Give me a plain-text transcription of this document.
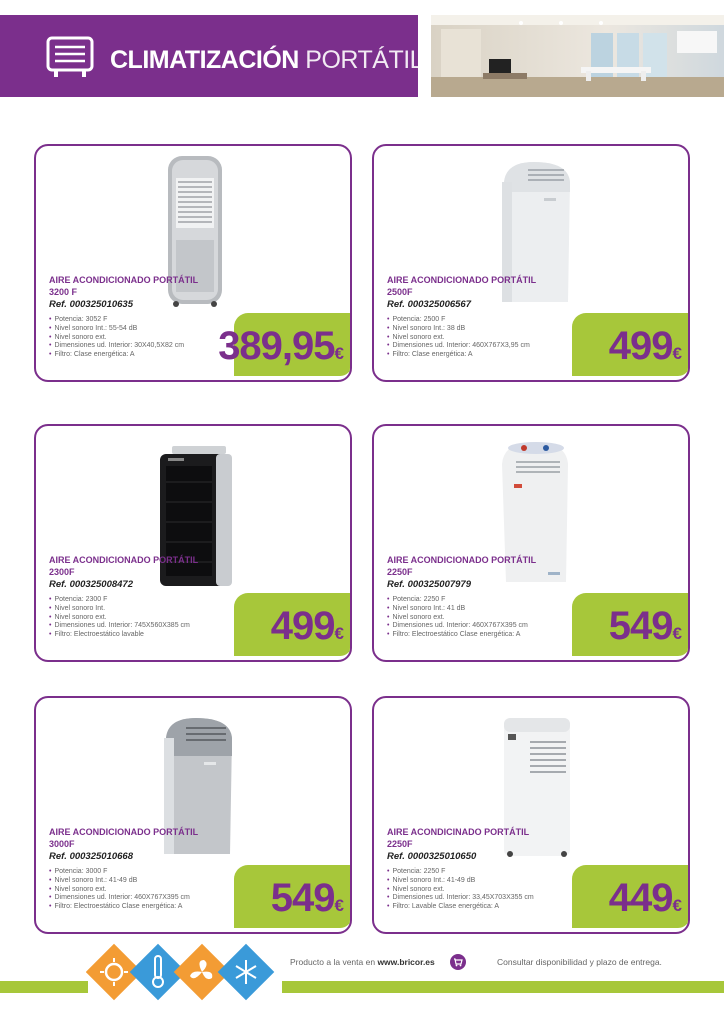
CLIMATIZACIÓN PORTÁTIL
AIRE ACONDICIONADO PORTÁTIL 3200 F
Ref. 000325010635
• Potencia: 3052 F
• Nivel sonoro Int.: 55-54 dB
• Nivel sonoro ext.
• Dimensiones ud. Interior: 30X40,5X82 cm
• Filtro: Clase energética: A	389,95€
AIRE ACONDICIONADO PORTÁTIL 2500F
Ref. 000325006567
• Potencia: 2500 F
• Nivel sonoro Int.: 38 dB
• Nivel sonoro ext.
• Dimensiones ud. Interior: 460X767X3,95 cm
• Filtro: Clase energética: A	499€
AIRE ACONDICIONADO PORTÁTIL 2300F
Ref. 000325008472
• Potencia: 2300 F
• Nivel sonoro Int.
• Nivel sonoro ext.
• Dimensiones ud. Interior: 745X560X385 cm
• Filtro: Electroestático lavable	499€
AIRE ACONDICIONADO PORTÁTIL 2250F
Ref. 000325007979
• Potencia: 2250 F
• Nivel sonoro Int.: 41 dB
• Nivel sonoro ext.
• Dimensiones ud. Interior: 460X767X395 cm
• Filtro: Electroestático Clase energética: A	549€
AIRE ACONDICIONADO PORTÁTIL 3000F
Ref. 000325010668
• Potencia: 3000 F
• Nivel sonoro Int.: 41-49 dB
• Nivel sonoro ext.
• Dimensiones ud. Interior: 460X767X395 cm
• Filtro: Electroestático Clase energética: A	549€
AIRE ACONDICINADO PORTÁTIL 2250F
Ref. 0000325010650
• Potencia: 2250 F
• Nivel sonoro Int.: 41-49 dB
• Nivel sonoro ext.
• Dimensiones ud. Interior: 33,45X703X355 cm
• Filtro: Lavable Clase energética: A	449€
Producto a la venta en www.bricor.es	Consultar disponibilidad y plazo de entrega.
